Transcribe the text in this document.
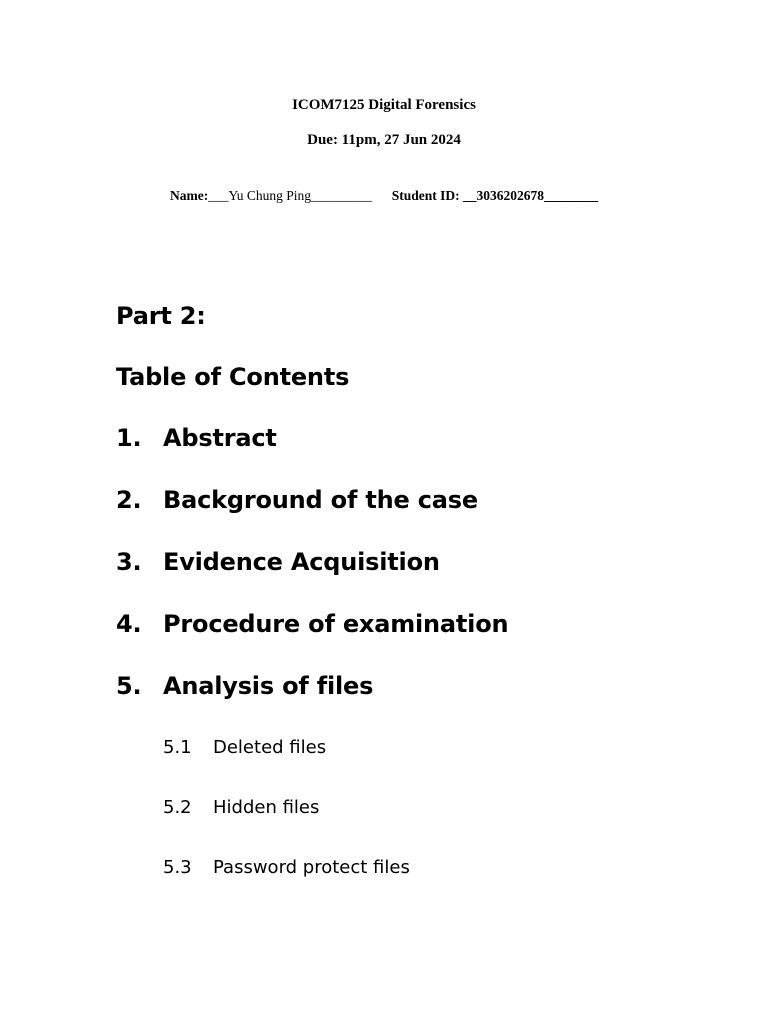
ICOM7125 Digital Forensics
Due: 11pm, 27 Jun 2024
Name:___Yu Chung Ping_________ Student ID: __3036202678________
Part 2:
Table of Contents
1. Abstract
2. Background of the case
3. Evidence Acquisition
4. Procedure of examination
5. Analysis of files
5.1 Deleted files
5.2 Hidden files
5.3 Password protect files
